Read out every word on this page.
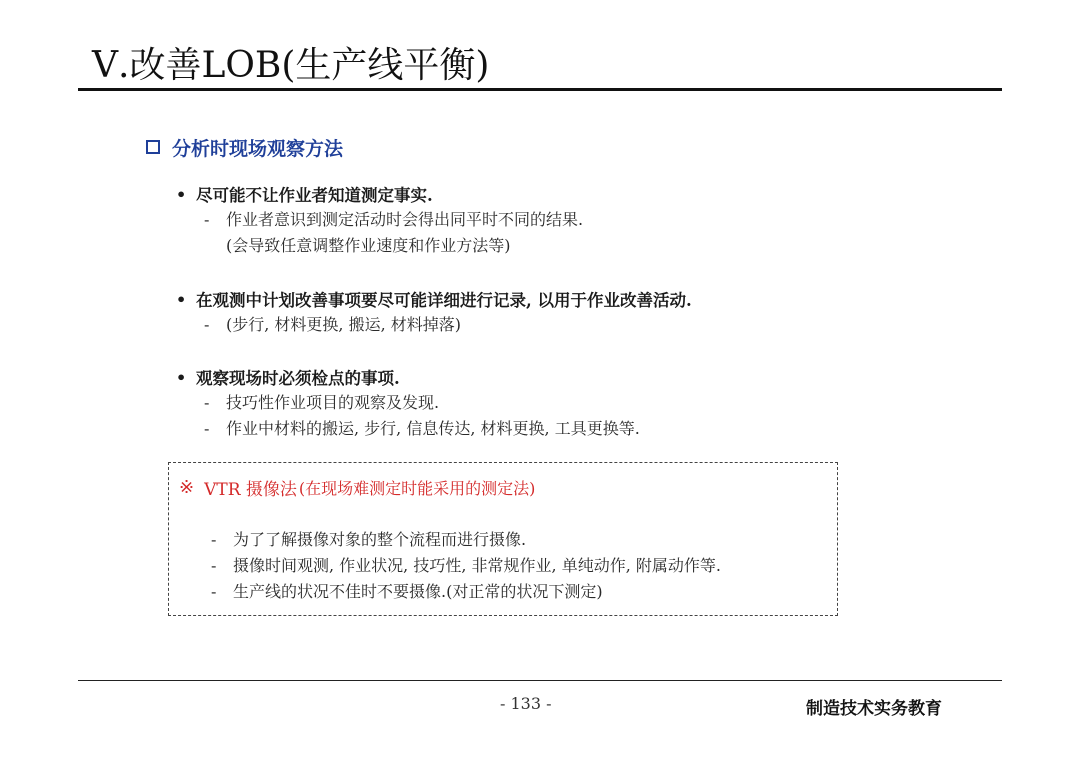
Ⅴ.改善LOB(生产线平衡)
分析时现场观察方法
• 尽可能不让作业者知道测定事实.
-	作业者意识到测定活动时会得出同平时不同的结果.
(会导致任意调整作业速度和作业方法等)
• 在观测中计划改善事项要尽可能详细进行记录, 以用于作业改善活动.
-	(步行, 材料更换, 搬运, 材料掉落)
• 观察现场时必须检点的事项.
-	技巧性作业项目的观察及发现.
-	作业中材料的搬运, 步行, 信息传达, 材料更换, 工具更换等.
※ VTR 摄像法 (在现场难测定时能采用的测定法)
-	为了了解摄像对象的整个流程而进行摄像.
-	摄像时间观测, 作业状况, 技巧性, 非常规作业, 单纯动作, 附属动作等.
-	生产线的状况不佳时不要摄像.(对正常的状况下测定)
- 133 -	制造技术实务教育
